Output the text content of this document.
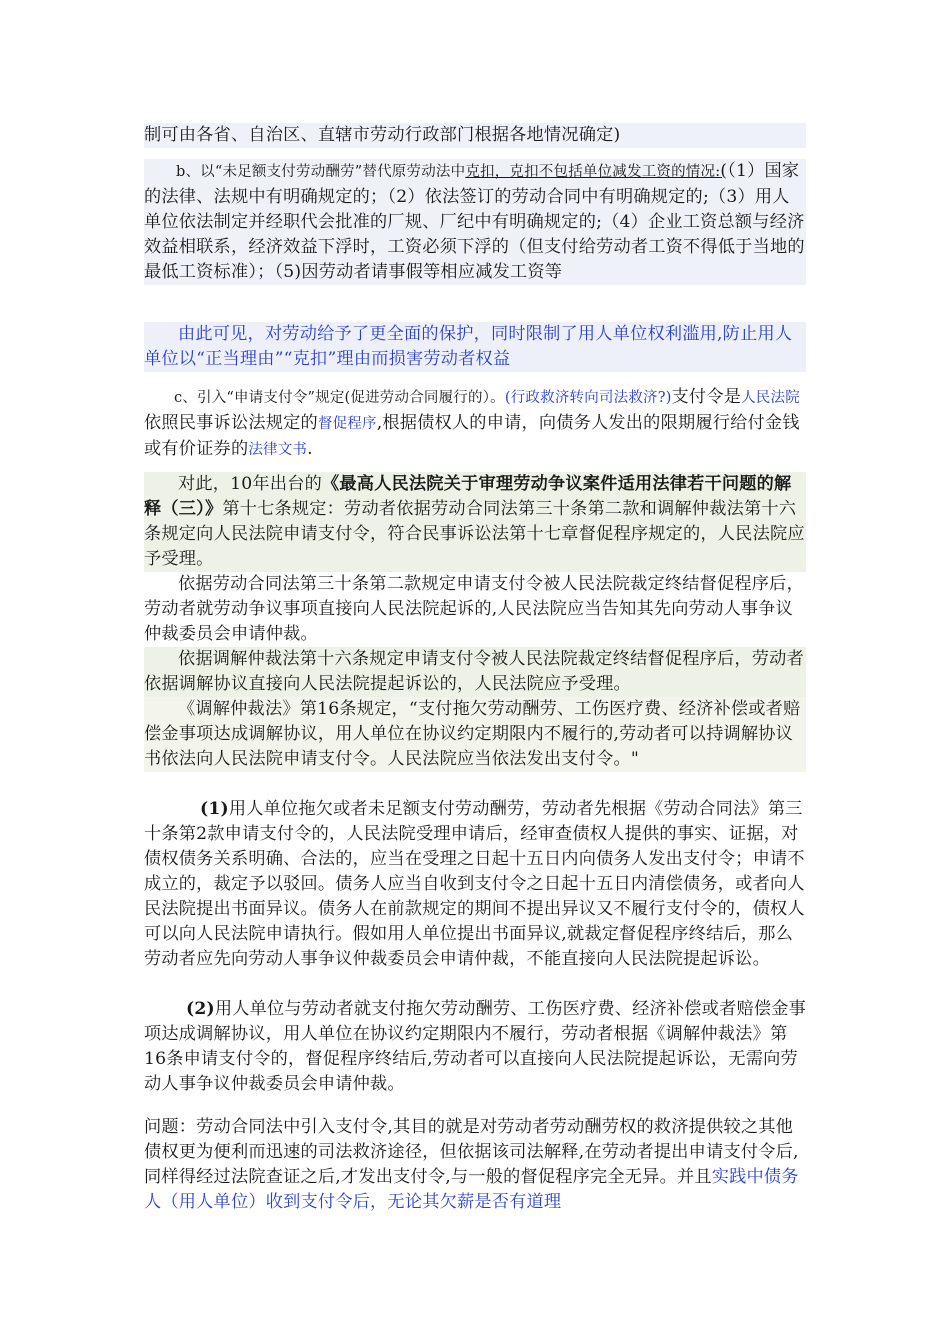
制可由各省、自治区、直辖市劳动行政部门根据各地情况确定)

b、以“未足额支付劳动酬劳”替代原劳动法中克扣，克扣不包括单位减发工资的情况:(（1）国家的法律、法规中有明确规定的；（2）依法签订的劳动合同中有明确规定的;（3）用人单位依法制定并经职代会批准的厂规、厂纪中有明确规定的;（4）企业工资总额与经济效益相联系，经济效益下浮时，工资必须下浮的（但支付给劳动者工资不得低于当地的最低工资标准）；（5)因劳动者请事假等相应减发工资等

由此可见，对劳动给予了更全面的保护，同时限制了用人单位权利滥用,防止用人单位以“正当理由”“克扣”理由而损害劳动者权益

c、引入“申请支付令”规定(促进劳动合同履行的）。(行政救济转向司法救济?)支付令是人民法院依照民事诉讼法规定的督促程序,根据债权人的申请，向债务人发出的限期履行给付金钱或有价证券的法律文书.

对此，10年出台的《最高人民法院关于审理劳动争议案件适用法律若干问题的解释（三）》第十七条规定：劳动者依据劳动合同法第三十条第二款和调解仲裁法第十六条规定向人民法院申请支付令，符合民事诉讼法第十七章督促程序规定的，人民法院应予受理。

依据劳动合同法第三十条第二款规定申请支付令被人民法院裁定终结督促程序后，劳动者就劳动争议事项直接向人民法院起诉的,人民法院应当告知其先向劳动人事争议仲裁委员会申请仲裁。

依据调解仲裁法第十六条规定申请支付令被人民法院裁定终结督促程序后，劳动者依据调解协议直接向人民法院提起诉讼的，人民法院应予受理。

《调解仲裁法》第16条规定，“支付拖欠劳动酬劳、工伤医疗费、经济补偿或者赔偿金事项达成调解协议，用人单位在协议约定期限内不履行的,劳动者可以持调解协议书依法向人民法院申请支付令。人民法院应当依法发出支付令。"

(1)用人单位拖欠或者未足额支付劳动酬劳，劳动者先根据《劳动合同法》第三十条第2款申请支付令的，人民法院受理申请后，经审查债权人提供的事实、证据，对债权债务关系明确、合法的，应当在受理之日起十五日内向债务人发出支付令；申请不成立的，裁定予以驳回。债务人应当自收到支付令之日起十五日内清偿债务，或者向人民法院提出书面异议。债务人在前款规定的期间不提出异议又不履行支付令的，债权人可以向人民法院申请执行。假如用人单位提出书面异议,就裁定督促程序终结后，那么劳动者应先向劳动人事争议仲裁委员会申请仲裁，不能直接向人民法院提起诉讼。

(2)用人单位与劳动者就支付拖欠劳动酬劳、工伤医疗费、经济补偿或者赔偿金事项达成调解协议，用人单位在协议约定期限内不履行，劳动者根据《调解仲裁法》第16条申请支付令的，督促程序终结后,劳动者可以直接向人民法院提起诉讼，无需向劳动人事争议仲裁委员会申请仲裁。

问题：劳动合同法中引入支付令,其目的就是对劳动者劳动酬劳权的救济提供较之其他债权更为便利而迅速的司法救济途径，但依据该司法解释,在劳动者提出申请支付令后,同样得经过法院查证之后,才发出支付令,与一般的督促程序完全无异。并且实践中债务人（用人单位）收到支付令后，无论其欠薪是否有道理
